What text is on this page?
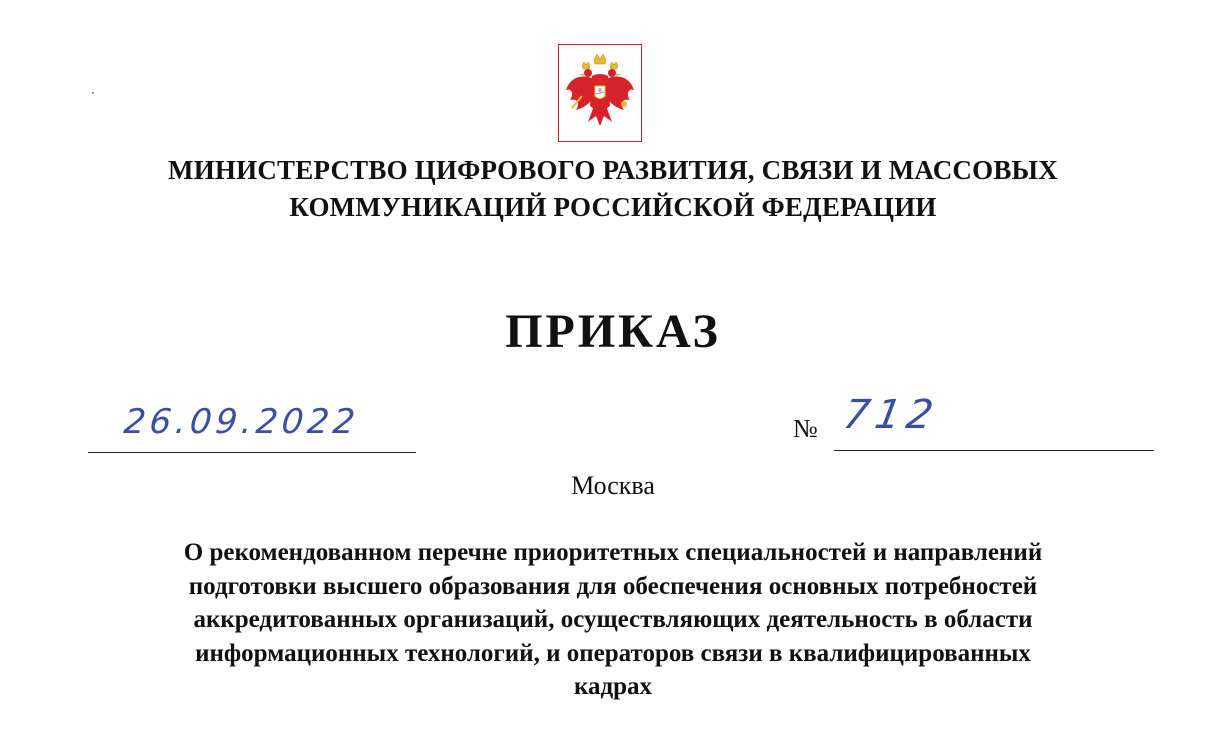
МИНИСТЕРСТВО ЦИФРОВОГО РАЗВИТИЯ, СВЯЗИ И МАССОВЫХ
КОММУНИКАЦИЙ РОССИЙСКОЙ ФЕДЕРАЦИИ
ПРИКАЗ
26.09.2022	№ 712
Москва
О рекомендованном перечне приоритетных специальностей и направлений
подготовки высшего образования для обеспечения основных потребностей
аккредитованных организаций, осуществляющих деятельность в области
информационных технологий, и операторов связи в квалифицированных
кадрах
